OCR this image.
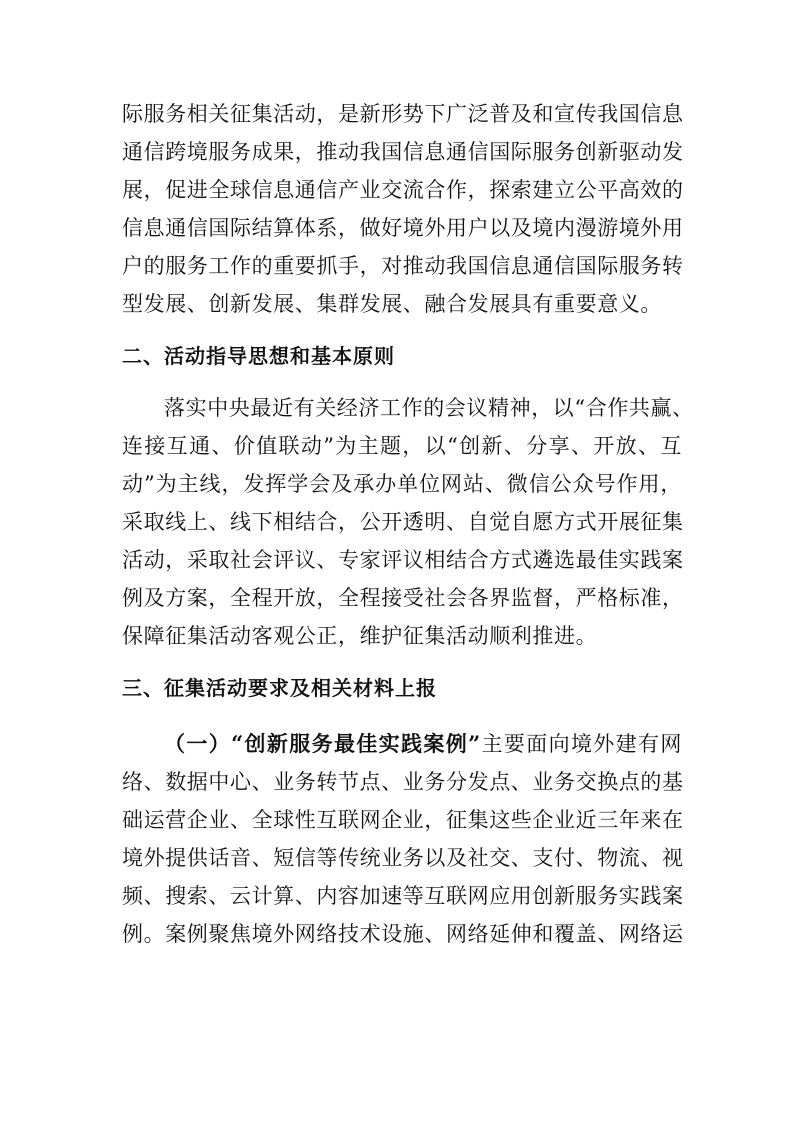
际服务相关征集活动，是新形势下广泛普及和宣传我国信息
通信跨境服务成果，推动我国信息通信国际服务创新驱动发
展，促进全球信息通信产业交流合作，探索建立公平高效的
信息通信国际结算体系，做好境外用户以及境内漫游境外用
户的服务工作的重要抓手，对推动我国信息通信国际服务转
型发展、创新发展、集群发展、融合发展具有重要意义。
二、活动指导思想和基本原则
落实中央最近有关经济工作的会议精神，以“合作共赢、
连接互通、价值联动”为主题，以“创新、分享、开放、互
动”为主线，发挥学会及承办单位网站、微信公众号作用，
采取线上、线下相结合，公开透明、自觉自愿方式开展征集
活动，采取社会评议、专家评议相结合方式遴选最佳实践案
例及方案，全程开放，全程接受社会各界监督，严格标准，
保障征集活动客观公正，维护征集活动顺利推进。
三、征集活动要求及相关材料上报
（一）“创新服务最佳实践案例”主要面向境外建有网
络、数据中心、业务转节点、业务分发点、业务交换点的基
础运营企业、全球性互联网企业，征集这些企业近三年来在
境外提供话音、短信等传统业务以及社交、支付、物流、视
频、搜索、云计算、内容加速等互联网应用创新服务实践案
例。案例聚焦境外网络技术设施、网络延伸和覆盖、网络运
